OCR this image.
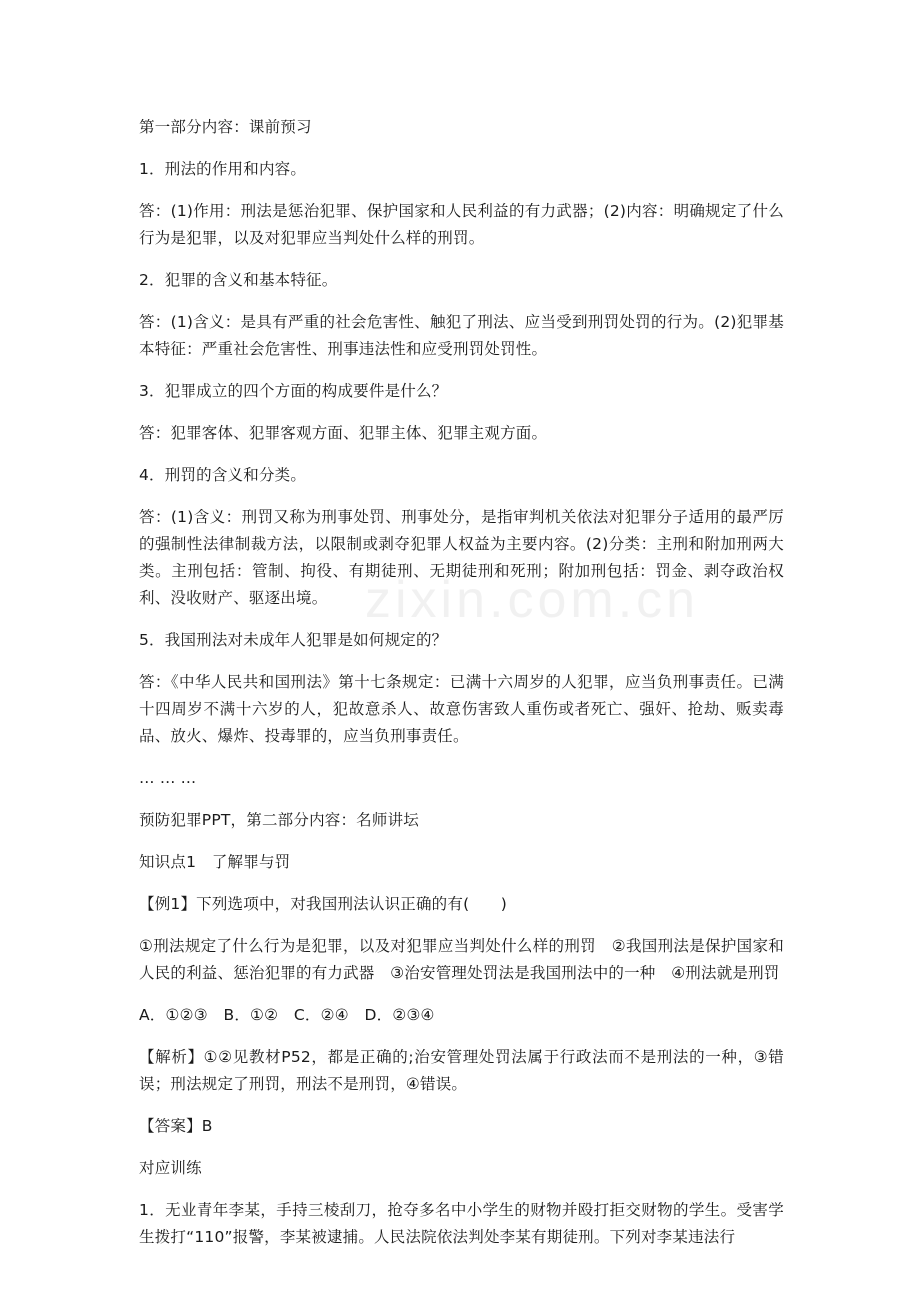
zixin.com.cn

第一部分内容：课前预习

1．刑法的作用和内容。

答：(1)作用：刑法是惩治犯罪、保护国家和人民利益的有力武器；(2)内容：明确规定了什么行为是犯罪，以及对犯罪应当判处什么样的刑罚。

2．犯罪的含义和基本特征。

答：(1)含义：是具有严重的社会危害性、触犯了刑法、应当受到刑罚处罚的行为。(2)犯罪基本特征：严重社会危害性、刑事违法性和应受刑罚处罚性。

3．犯罪成立的四个方面的构成要件是什么？

答：犯罪客体、犯罪客观方面、犯罪主体、犯罪主观方面。

4．刑罚的含义和分类。

答：(1)含义：刑罚又称为刑事处罚、刑事处分，是指审判机关依法对犯罪分子适用的最严厉的强制性法律制裁方法，以限制或剥夺犯罪人权益为主要内容。(2)分类：主刑和附加刑两大类。主刑包括：管制、拘役、有期徒刑、无期徒刑和死刑；附加刑包括：罚金、剥夺政治权利、没收财产、驱逐出境。

5．我国刑法对未成年人犯罪是如何规定的？

答：《中华人民共和国刑法》第十七条规定：已满十六周岁的人犯罪，应当负刑事责任。已满十四周岁不满十六岁的人，犯故意杀人、故意伤害致人重伤或者死亡、强奸、抢劫、贩卖毒品、放火、爆炸、投毒罪的，应当负刑事责任。

… … …

预防犯罪PPT，第二部分内容：名师讲坛

知识点1　了解罪与罚

【例1】下列选项中，对我国刑法认识正确的有(　　)

①刑法规定了什么行为是犯罪，以及对犯罪应当判处什么样的刑罚　②我国刑法是保护国家和人民的利益、惩治犯罪的有力武器　③治安管理处罚法是我国刑法中的一种　④刑法就是刑罚

A．①②③　B．①②　C．②④　D．②③④

【解析】①②见教材P52，都是正确的;治安管理处罚法属于行政法而不是刑法的一种，③错误；刑法规定了刑罚，刑法不是刑罚，④错误。

【答案】B

对应训练

1．无业青年李某，手持三棱刮刀，抢夺多名中小学生的财物并殴打拒交财物的学生。受害学生拨打“110”报警，李某被逮捕。人民法院依法判处李某有期徒刑。下列对李某违法行
